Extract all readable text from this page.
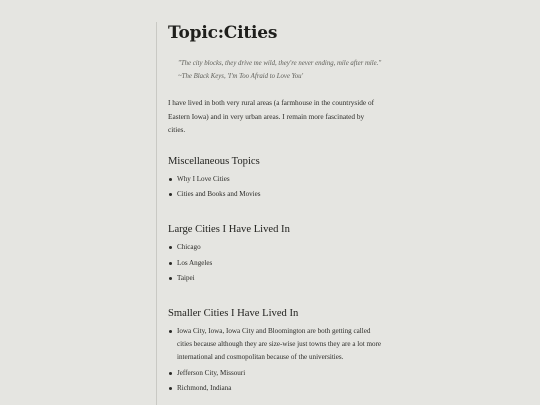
Topic:Cities

"The city blocks, they drive me wild, they're never ending, mile after mile." ~The Black Keys, 'I'm Too Afraid to Love You'

I have lived in both very rural areas (a farmhouse in the countryside of Eastern Iowa) and in very urban areas. I remain more fascinated by cities.

Miscellaneous Topics
Why I Love Cities
Cities and Books and Movies
Large Cities I Have Lived In
Chicago
Los Angeles
Taipei
Smaller Cities I Have Lived In
Iowa City, Iowa, Iowa City and Bloomington are both getting called cities because although they are size-wise just towns they are a lot more international and cosmopolitan because of the universities.
Jefferson City, Missouri
Richmond, Indiana
